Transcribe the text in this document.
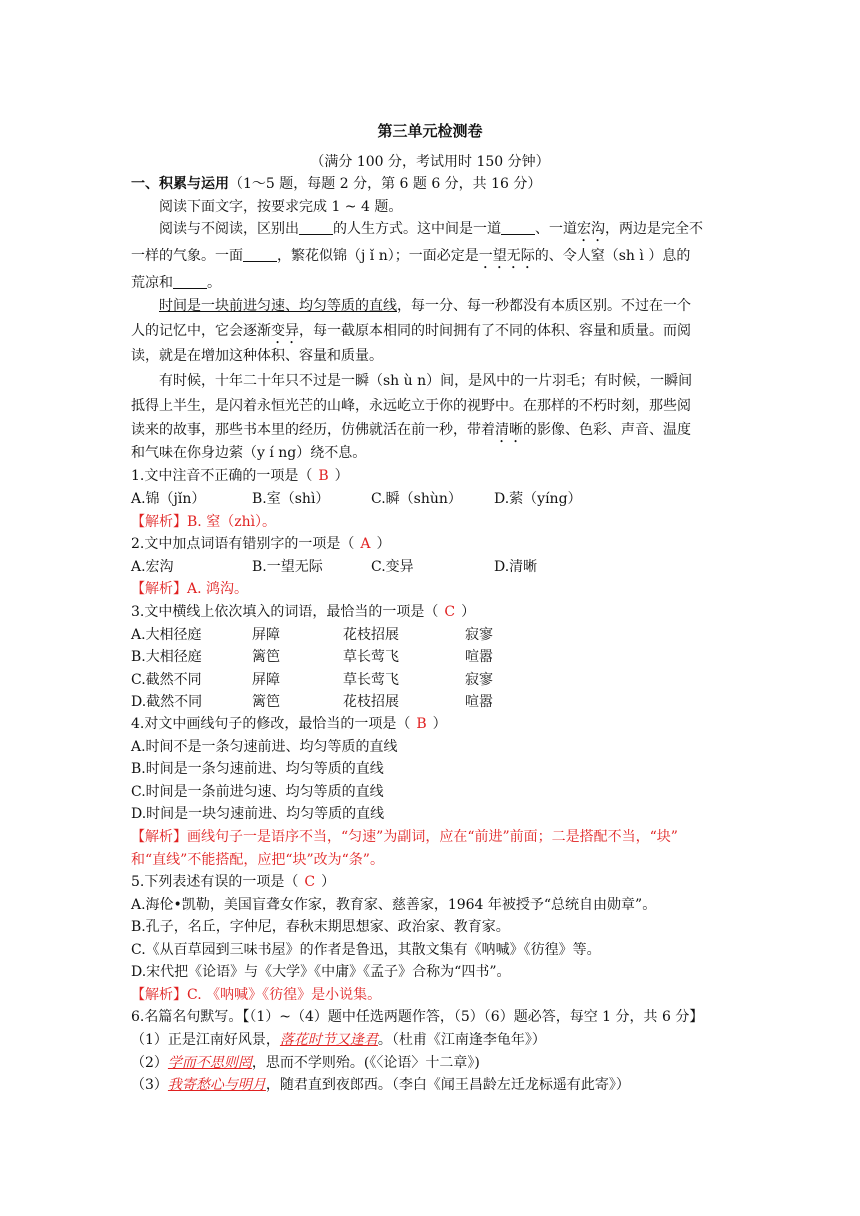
第三单元检测卷
（满分 100 分，考试用时 150 分钟）
一、积累与运用（1～5 题，每题 2 分，第 6 题 6 分，共 16 分）
阅读下面文字，按要求完成 1 ~ 4 题。
阅读与不阅读，区别出 的人生方式。这中间是一道 、一道宏沟，两边是完全不
一样的气象。一面 ，繁花似锦（j ǐ n）；一面必定是一望无际的、令人窒（sh ì ）息的
荒凉和 。
时间是一块前进匀速、均匀等质的直线，每一分、每一秒都没有本质区别。不过在一个
人的记忆中，它会逐渐变异，每一截原本相同的时间拥有了不同的体积、容量和质量。而阅
读，就是在增加这种体积、容量和质量。
有时候，十年二十年只不过是一瞬（sh ù n）间，是风中的一片羽毛；有时候，一瞬间
抵得上半生，是闪着永恒光芒的山峰，永远屹立于你的视野中。在那样的不朽时刻，那些阅
读来的故事，那些书本里的经历，仿佛就活在前一秒，带着清晰的影像、色彩、声音、温度
和气味在你身边萦（y í ng）绕不息。
1.文中注音不正确的一项是（ B ）
A.锦（jǐn）	B.室（shì）	C.瞬（shùn） D.萦（yíng）
【解析】B. 窒（zhì）。
2.文中加点词语有错别字的一项是（ A ）
A.宏沟	B.一望无际	C.变异	D.清晰
【解析】A. 鸿沟。
3.文中横线上依次填入的词语，最恰当的一项是（ C ）
A.大相径庭	屏障	花枝招展	寂寥
B.大相径庭	篱笆	草长莺飞	喧嚣
C.截然不同	屏障	草长莺飞	寂寥
D.截然不同	篱笆	花枝招展	喧嚣
4.对文中画线句子的修改，最恰当的一项是（ B ）
A.时间不是一条匀速前进、均匀等质的直线
B.时间是一条匀速前进、均匀等质的直线
C.时间是一条前进匀速、均匀等质的直线
D.时间是一块匀速前进、均匀等质的直线
【解析】画线句子一是语序不当，“匀速”为副词，应在“前进”前面；二是搭配不当，“块”
和“直线”不能搭配，应把“块”改为“条”。
5.下列表述有误的一项是（ C ）
A.海伦•凯勒，美国盲聋女作家，教育家、慈善家，1964 年被授予“总统自由勋章”。
B.孔子，名丘，字仲尼，春秋末期思想家、政治家、教育家。
C.《从百草园到三味书屋》的作者是鲁迅，其散文集有《呐喊》《彷徨》等。
D.宋代把《论语》与《大学》《中庸》《孟子》合称为“四书”。
【解析】C. 《呐喊》《彷徨》是小说集。
6.名篇名句默写。【（1）~（4）题中任选两题作答，（5）（6）题必答，每空 1 分，共 6 分】
（1）正是江南好风景，落花时节又逢君。（杜甫《江南逢李龟年》）
（2）学而不思则罔，思而不学则殆。(《〈论语〉十二章》)
（3）我寄愁心与明月，随君直到夜郎西。（李白《闻王昌龄左迁龙标遥有此寄》）
